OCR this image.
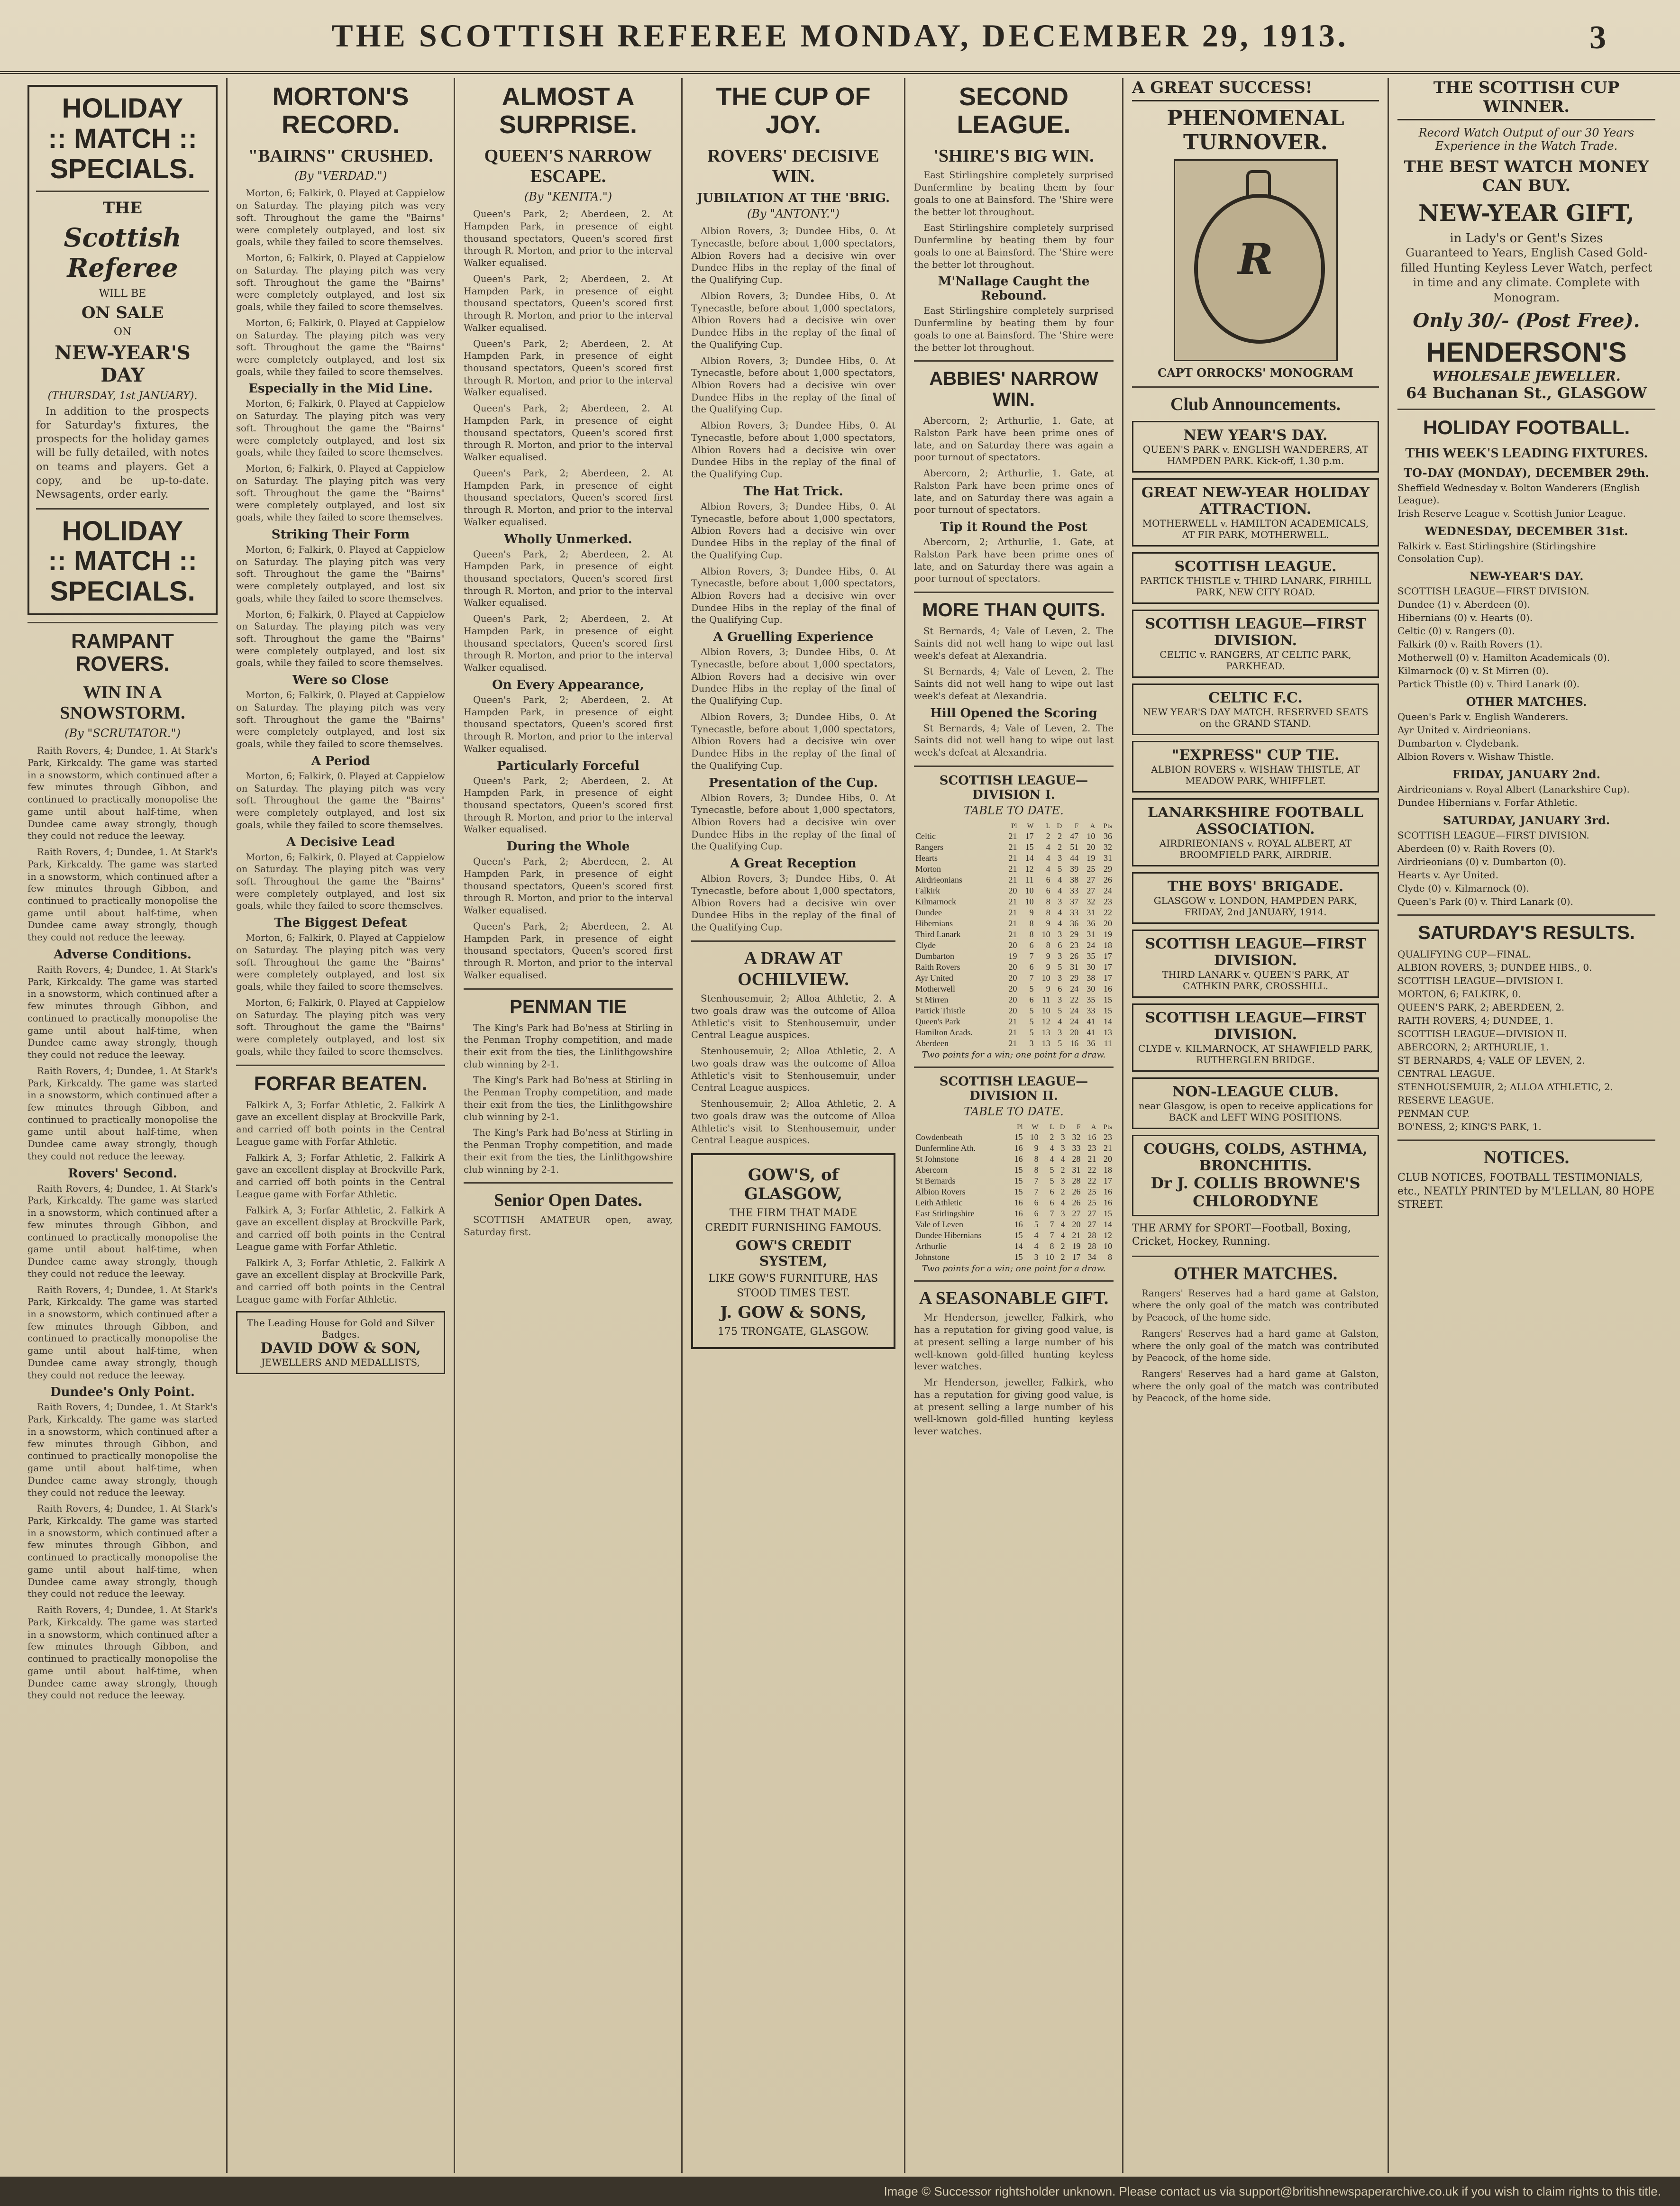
THE SCOTTISH REFEREE MONDAY, DECEMBER 29, 1913.	3
HOLIDAY
:: MATCH ::
SPECIALS.
THE
Scottish Referee
WILL BE
ON SALE
ON
NEW-YEAR'S DAY
(THURSDAY, 1st JANUARY).

In addition to the prospects for Saturday's fixtures, the prospects for the holiday games will be fully detailed, with notes on teams and players. Get a copy, and be up-to-date. Newsagents, order early.

HOLIDAY
:: MATCH ::
SPECIALS.
RAMPANT ROVERS.
WIN IN A SNOWSTORM.
(By "SCRUTATOR.")

Raith Rovers, 4; Dundee, 1. At Stark's Park, Kirkcaldy. The game was started in a snowstorm, which continued after a few minutes through Gibbon, and continued to practically monopolise the game until about half-time, when Dundee came away strongly, though they could not reduce the leeway.

Raith Rovers, 4; Dundee, 1. At Stark's Park, Kirkcaldy. The game was started in a snowstorm, which continued after a few minutes through Gibbon, and continued to practically monopolise the game until about half-time, when Dundee came away strongly, though they could not reduce the leeway.

Adverse Conditions.

Raith Rovers, 4; Dundee, 1. At Stark's Park, Kirkcaldy. The game was started in a snowstorm, which continued after a few minutes through Gibbon, and continued to practically monopolise the game until about half-time, when Dundee came away strongly, though they could not reduce the leeway.

Raith Rovers, 4; Dundee, 1. At Stark's Park, Kirkcaldy. The game was started in a snowstorm, which continued after a few minutes through Gibbon, and continued to practically monopolise the game until about half-time, when Dundee came away strongly, though they could not reduce the leeway.

Rovers' Second.

Raith Rovers, 4; Dundee, 1. At Stark's Park, Kirkcaldy. The game was started in a snowstorm, which continued after a few minutes through Gibbon, and continued to practically monopolise the game until about half-time, when Dundee came away strongly, though they could not reduce the leeway.

Raith Rovers, 4; Dundee, 1. At Stark's Park, Kirkcaldy. The game was started in a snowstorm, which continued after a few minutes through Gibbon, and continued to practically monopolise the game until about half-time, when Dundee came away strongly, though they could not reduce the leeway.

Dundee's Only Point.

Raith Rovers, 4; Dundee, 1. At Stark's Park, Kirkcaldy. The game was started in a snowstorm, which continued after a few minutes through Gibbon, and continued to practically monopolise the game until about half-time, when Dundee came away strongly, though they could not reduce the leeway.

Raith Rovers, 4; Dundee, 1. At Stark's Park, Kirkcaldy. The game was started in a snowstorm, which continued after a few minutes through Gibbon, and continued to practically monopolise the game until about half-time, when Dundee came away strongly, though they could not reduce the leeway.

Raith Rovers, 4; Dundee, 1. At Stark's Park, Kirkcaldy. The game was started in a snowstorm, which continued after a few minutes through Gibbon, and continued to practically monopolise the game until about half-time, when Dundee came away strongly, though they could not reduce the leeway.

MORTON'S RECORD.
"BAIRNS" CRUSHED.
(By "VERDAD.")

Morton, 6; Falkirk, 0. Played at Cappielow on Saturday. The playing pitch was very soft. Throughout the game the "Bairns" were completely outplayed, and lost six goals, while they failed to score themselves.

Morton, 6; Falkirk, 0. Played at Cappielow on Saturday. The playing pitch was very soft. Throughout the game the "Bairns" were completely outplayed, and lost six goals, while they failed to score themselves.

Morton, 6; Falkirk, 0. Played at Cappielow on Saturday. The playing pitch was very soft. Throughout the game the "Bairns" were completely outplayed, and lost six goals, while they failed to score themselves.

Especially in the Mid Line.

Morton, 6; Falkirk, 0. Played at Cappielow on Saturday. The playing pitch was very soft. Throughout the game the "Bairns" were completely outplayed, and lost six goals, while they failed to score themselves.

Morton, 6; Falkirk, 0. Played at Cappielow on Saturday. The playing pitch was very soft. Throughout the game the "Bairns" were completely outplayed, and lost six goals, while they failed to score themselves.

Striking Their Form

Morton, 6; Falkirk, 0. Played at Cappielow on Saturday. The playing pitch was very soft. Throughout the game the "Bairns" were completely outplayed, and lost six goals, while they failed to score themselves.

Morton, 6; Falkirk, 0. Played at Cappielow on Saturday. The playing pitch was very soft. Throughout the game the "Bairns" were completely outplayed, and lost six goals, while they failed to score themselves.

Were so Close

Morton, 6; Falkirk, 0. Played at Cappielow on Saturday. The playing pitch was very soft. Throughout the game the "Bairns" were completely outplayed, and lost six goals, while they failed to score themselves.

A Period

Morton, 6; Falkirk, 0. Played at Cappielow on Saturday. The playing pitch was very soft. Throughout the game the "Bairns" were completely outplayed, and lost six goals, while they failed to score themselves.

A Decisive Lead

Morton, 6; Falkirk, 0. Played at Cappielow on Saturday. The playing pitch was very soft. Throughout the game the "Bairns" were completely outplayed, and lost six goals, while they failed to score themselves.

The Biggest Defeat

Morton, 6; Falkirk, 0. Played at Cappielow on Saturday. The playing pitch was very soft. Throughout the game the "Bairns" were completely outplayed, and lost six goals, while they failed to score themselves.

Morton, 6; Falkirk, 0. Played at Cappielow on Saturday. The playing pitch was very soft. Throughout the game the "Bairns" were completely outplayed, and lost six goals, while they failed to score themselves.

FORFAR BEATEN.

Falkirk A, 3; Forfar Athletic, 2. Falkirk A gave an excellent display at Brockville Park, and carried off both points in the Central League game with Forfar Athletic.

Falkirk A, 3; Forfar Athletic, 2. Falkirk A gave an excellent display at Brockville Park, and carried off both points in the Central League game with Forfar Athletic.

Falkirk A, 3; Forfar Athletic, 2. Falkirk A gave an excellent display at Brockville Park, and carried off both points in the Central League game with Forfar Athletic.

Falkirk A, 3; Forfar Athletic, 2. Falkirk A gave an excellent display at Brockville Park, and carried off both points in the Central League game with Forfar Athletic.

The Leading House for Gold and Silver Badges.
DAVID DOW & SON,
JEWELLERS AND MEDALLISTS,
ALMOST A SURPRISE.
QUEEN'S NARROW ESCAPE.
(By "KENITA.")

Queen's Park, 2; Aberdeen, 2. At Hampden Park, in presence of eight thousand spectators, Queen's scored first through R. Morton, and prior to the interval Walker equalised.

Queen's Park, 2; Aberdeen, 2. At Hampden Park, in presence of eight thousand spectators, Queen's scored first through R. Morton, and prior to the interval Walker equalised.

Queen's Park, 2; Aberdeen, 2. At Hampden Park, in presence of eight thousand spectators, Queen's scored first through R. Morton, and prior to the interval Walker equalised.

Queen's Park, 2; Aberdeen, 2. At Hampden Park, in presence of eight thousand spectators, Queen's scored first through R. Morton, and prior to the interval Walker equalised.

Queen's Park, 2; Aberdeen, 2. At Hampden Park, in presence of eight thousand spectators, Queen's scored first through R. Morton, and prior to the interval Walker equalised.

Wholly Unmerked.

Queen's Park, 2; Aberdeen, 2. At Hampden Park, in presence of eight thousand spectators, Queen's scored first through R. Morton, and prior to the interval Walker equalised.

Queen's Park, 2; Aberdeen, 2. At Hampden Park, in presence of eight thousand spectators, Queen's scored first through R. Morton, and prior to the interval Walker equalised.

On Every Appearance,

Queen's Park, 2; Aberdeen, 2. At Hampden Park, in presence of eight thousand spectators, Queen's scored first through R. Morton, and prior to the interval Walker equalised.

Particularly Forceful

Queen's Park, 2; Aberdeen, 2. At Hampden Park, in presence of eight thousand spectators, Queen's scored first through R. Morton, and prior to the interval Walker equalised.

During the Whole

Queen's Park, 2; Aberdeen, 2. At Hampden Park, in presence of eight thousand spectators, Queen's scored first through R. Morton, and prior to the interval Walker equalised.

Queen's Park, 2; Aberdeen, 2. At Hampden Park, in presence of eight thousand spectators, Queen's scored first through R. Morton, and prior to the interval Walker equalised.

PENMAN TIE

The King's Park had Bo'ness at Stirling in the Penman Trophy competition, and made their exit from the ties, the Linlithgowshire club winning by 2-1.

The King's Park had Bo'ness at Stirling in the Penman Trophy competition, and made their exit from the ties, the Linlithgowshire club winning by 2-1.

The King's Park had Bo'ness at Stirling in the Penman Trophy competition, and made their exit from the ties, the Linlithgowshire club winning by 2-1.

Senior Open Dates.

SCOTTISH AMATEUR open, away, Saturday first.

THE CUP OF JOY.
ROVERS' DECISIVE WIN.
JUBILATION AT THE 'BRIG.
(By "ANTONY.")

Albion Rovers, 3; Dundee Hibs, 0. At Tynecastle, before about 1,000 spectators, Albion Rovers had a decisive win over Dundee Hibs in the replay of the final of the Qualifying Cup.

Albion Rovers, 3; Dundee Hibs, 0. At Tynecastle, before about 1,000 spectators, Albion Rovers had a decisive win over Dundee Hibs in the replay of the final of the Qualifying Cup.

Albion Rovers, 3; Dundee Hibs, 0. At Tynecastle, before about 1,000 spectators, Albion Rovers had a decisive win over Dundee Hibs in the replay of the final of the Qualifying Cup.

Albion Rovers, 3; Dundee Hibs, 0. At Tynecastle, before about 1,000 spectators, Albion Rovers had a decisive win over Dundee Hibs in the replay of the final of the Qualifying Cup.

The Hat Trick.

Albion Rovers, 3; Dundee Hibs, 0. At Tynecastle, before about 1,000 spectators, Albion Rovers had a decisive win over Dundee Hibs in the replay of the final of the Qualifying Cup.

Albion Rovers, 3; Dundee Hibs, 0. At Tynecastle, before about 1,000 spectators, Albion Rovers had a decisive win over Dundee Hibs in the replay of the final of the Qualifying Cup.

A Gruelling Experience

Albion Rovers, 3; Dundee Hibs, 0. At Tynecastle, before about 1,000 spectators, Albion Rovers had a decisive win over Dundee Hibs in the replay of the final of the Qualifying Cup.

Albion Rovers, 3; Dundee Hibs, 0. At Tynecastle, before about 1,000 spectators, Albion Rovers had a decisive win over Dundee Hibs in the replay of the final of the Qualifying Cup.

Presentation of the Cup.

Albion Rovers, 3; Dundee Hibs, 0. At Tynecastle, before about 1,000 spectators, Albion Rovers had a decisive win over Dundee Hibs in the replay of the final of the Qualifying Cup.

A Great Reception

Albion Rovers, 3; Dundee Hibs, 0. At Tynecastle, before about 1,000 spectators, Albion Rovers had a decisive win over Dundee Hibs in the replay of the final of the Qualifying Cup.

A DRAW AT OCHILVIEW.

Stenhousemuir, 2; Alloa Athletic, 2. A two goals draw was the outcome of Alloa Athletic's visit to Stenhousemuir, under Central League auspices.

Stenhousemuir, 2; Alloa Athletic, 2. A two goals draw was the outcome of Alloa Athletic's visit to Stenhousemuir, under Central League auspices.

Stenhousemuir, 2; Alloa Athletic, 2. A two goals draw was the outcome of Alloa Athletic's visit to Stenhousemuir, under Central League auspices.

GOW'S, of GLASGOW,
THE FIRM THAT MADE
CREDIT FURNISHING FAMOUS.
GOW'S CREDIT SYSTEM,
LIKE GOW'S FURNITURE, HAS
STOOD TIMES TEST.
J. GOW & SONS,
175 TRONGATE, GLASGOW.
SECOND LEAGUE.
'SHIRE'S BIG WIN.

East Stirlingshire completely surprised Dunfermline by beating them by four goals to one at Bainsford. The 'Shire were the better lot throughout.

East Stirlingshire completely surprised Dunfermline by beating them by four goals to one at Bainsford. The 'Shire were the better lot throughout.

M'Nallage Caught the Rebound.

East Stirlingshire completely surprised Dunfermline by beating them by four goals to one at Bainsford. The 'Shire were the better lot throughout.

ABBIES' NARROW WIN.

Abercorn, 2; Arthurlie, 1. Gate, at Ralston Park have been prime ones of late, and on Saturday there was again a poor turnout of spectators.

Abercorn, 2; Arthurlie, 1. Gate, at Ralston Park have been prime ones of late, and on Saturday there was again a poor turnout of spectators.

Tip it Round the Post

Abercorn, 2; Arthurlie, 1. Gate, at Ralston Park have been prime ones of late, and on Saturday there was again a poor turnout of spectators.

MORE THAN QUITS.

St Bernards, 4; Vale of Leven, 2. The Saints did not well hang to wipe out last week's defeat at Alexandria.

St Bernards, 4; Vale of Leven, 2. The Saints did not well hang to wipe out last week's defeat at Alexandria.

Hill Opened the Scoring

St Bernards, 4; Vale of Leven, 2. The Saints did not well hang to wipe out last week's defeat at Alexandria.

SCOTTISH LEAGUE—DIVISION I.
TABLE TO DATE.
	Pl	W	L	D	F	A	Pts
Celtic	21	17	2	2	47	10	36
Rangers	21	15	4	2	51	20	32
Hearts	21	14	4	3	44	19	31
Morton	21	12	4	5	39	25	29
Airdrieonians	21	11	6	4	38	27	26
Falkirk	20	10	6	4	33	27	24
Kilmarnock	21	10	8	3	37	32	23
Dundee	21	9	8	4	33	31	22
Hibernians	21	8	9	4	36	36	20
Third Lanark	21	8	10	3	29	31	19
Clyde	20	6	8	6	23	24	18
Dumbarton	19	7	9	3	26	35	17
Raith Rovers	20	6	9	5	31	30	17
Ayr United	20	7	10	3	29	38	17
Motherwell	20	5	9	6	24	30	16
St Mirren	20	6	11	3	22	35	15
Partick Thistle	20	5	10	5	24	33	15
Queen's Park	21	5	12	4	24	41	14
Hamilton Acads.	21	5	13	3	20	41	13
Aberdeen	21	3	13	5	16	36	11
Two points for a win; one point for a draw.
SCOTTISH LEAGUE—DIVISION II.
TABLE TO DATE.
	Pl	W	L	D	F	A	Pts
Cowdenbeath	15	10	2	3	32	16	23
Dunfermline Ath.	16	9	4	3	33	23	21
St Johnstone	16	8	4	4	28	21	20
Abercorn	15	8	5	2	31	22	18
St Bernards	15	7	5	3	28	22	17
Albion Rovers	15	7	6	2	26	25	16
Leith Athletic	16	6	6	4	26	25	16
East Stirlingshire	16	6	7	3	27	27	15
Vale of Leven	16	5	7	4	20	27	14
Dundee Hibernians	15	4	7	4	21	28	12
Arthurlie	14	4	8	2	19	28	10
Johnstone	15	3	10	2	17	34	8
Two points for a win; one point for a draw.
A SEASONABLE GIFT.

Mr Henderson, jeweller, Falkirk, who has a reputation for giving good value, is at present selling a large number of his well-known gold-filled hunting keyless lever watches.

Mr Henderson, jeweller, Falkirk, who has a reputation for giving good value, is at present selling a large number of his well-known gold-filled hunting keyless lever watches.

A GREAT SUCCESS!
PHENOMENAL TURNOVER.
R
CAPT ORROCKS' MONOGRAM
Club Announcements.
NEW YEAR'S DAY.
QUEEN'S PARK v. ENGLISH WANDERERS, AT HAMPDEN PARK. Kick-off, 1.30 p.m.
GREAT NEW-YEAR HOLIDAY ATTRACTION.
MOTHERWELL v. HAMILTON ACADEMICALS, AT FIR PARK, MOTHERWELL.
SCOTTISH LEAGUE.
PARTICK THISTLE v. THIRD LANARK, FIRHILL PARK, NEW CITY ROAD.
SCOTTISH LEAGUE—FIRST DIVISION.
CELTIC v. RANGERS, AT CELTIC PARK, PARKHEAD.
CELTIC F.C.
NEW YEAR'S DAY MATCH. RESERVED SEATS on the GRAND STAND.
"EXPRESS" CUP TIE.
ALBION ROVERS v. WISHAW THISTLE, AT MEADOW PARK, WHIFFLET.
LANARKSHIRE FOOTBALL ASSOCIATION.
AIRDRIEONIANS v. ROYAL ALBERT, AT BROOMFIELD PARK, AIRDRIE.
THE BOYS' BRIGADE.
GLASGOW v. LONDON, HAMPDEN PARK, FRIDAY, 2nd JANUARY, 1914.
SCOTTISH LEAGUE—FIRST DIVISION.
THIRD LANARK v. QUEEN'S PARK, AT CATHKIN PARK, CROSSHILL.
SCOTTISH LEAGUE—FIRST DIVISION.
CLYDE v. KILMARNOCK, AT SHAWFIELD PARK, RUTHERGLEN BRIDGE.
NON-LEAGUE CLUB.
near Glasgow, is open to receive applications for BACK and LEFT WING POSITIONS.
COUGHS, COLDS, ASTHMA, BRONCHITIS.
Dr J. COLLIS BROWNE'S CHLORODYNE

THE ARMY for SPORT—Football, Boxing, Cricket, Hockey, Running.

OTHER MATCHES.

Rangers' Reserves had a hard game at Galston, where the only goal of the match was contributed by Peacock, of the home side.

Rangers' Reserves had a hard game at Galston, where the only goal of the match was contributed by Peacock, of the home side.

Rangers' Reserves had a hard game at Galston, where the only goal of the match was contributed by Peacock, of the home side.

THE SCOTTISH CUP WINNER.
Record Watch Output of our 30 Years Experience in the Watch Trade.
THE BEST WATCH MONEY CAN BUY.
NEW-YEAR GIFT,
in Lady's or Gent's Sizes

Guaranteed to Years, English Cased Gold-filled Hunting Keyless Lever Watch, perfect in time and any climate. Complete with Monogram.

Only 30/- (Post Free).
HENDERSON'S
WHOLESALE JEWELLER.
64 Buchanan St., GLASGOW
HOLIDAY FOOTBALL.
THIS WEEK'S LEADING FIXTURES.
TO-DAY (MONDAY), DECEMBER 29th.
Sheffield Wednesday v. Bolton Wanderers (English League).
Irish Reserve League v. Scottish Junior League.
WEDNESDAY, DECEMBER 31st.
Falkirk v. East Stirlingshire (Stirlingshire Consolation Cup).
NEW-YEAR'S DAY.
SCOTTISH LEAGUE—FIRST DIVISION.
Dundee (1) v. Aberdeen (0).
Hibernians (0) v. Hearts (0).
Celtic (0) v. Rangers (0).
Falkirk (0) v. Raith Rovers (1).
Motherwell (0) v. Hamilton Academicals (0).
Kilmarnock (0) v. St Mirren (0).
Partick Thistle (0) v. Third Lanark (0).
OTHER MATCHES.
Queen's Park v. English Wanderers.
Ayr United v. Airdrieonians.
Dumbarton v. Clydebank.
Albion Rovers v. Wishaw Thistle.
FRIDAY, JANUARY 2nd.
Airdrieonians v. Royal Albert (Lanarkshire Cup).
Dundee Hibernians v. Forfar Athletic.
SATURDAY, JANUARY 3rd.
SCOTTISH LEAGUE—FIRST DIVISION.
Aberdeen (0) v. Raith Rovers (0).
Airdrieonians (0) v. Dumbarton (0).
Hearts v. Ayr United.
Clyde (0) v. Kilmarnock (0).
Queen's Park (0) v. Third Lanark (0).
SATURDAY'S RESULTS.
QUALIFYING CUP—FINAL.
ALBION ROVERS, 3; DUNDEE HIBS., 0.
SCOTTISH LEAGUE—DIVISION I.
MORTON, 6; FALKIRK, 0.
QUEEN'S PARK, 2; ABERDEEN, 2.
RAITH ROVERS, 4; DUNDEE, 1.
SCOTTISH LEAGUE—DIVISION II.
ABERCORN, 2; ARTHURLIE, 1.
ST BERNARDS, 4; VALE OF LEVEN, 2.
CENTRAL LEAGUE.
STENHOUSEMUIR, 2; ALLOA ATHLETIC, 2.
RESERVE LEAGUE.
PENMAN CUP.
BO'NESS, 2; KING'S PARK, 1.
NOTICES.

CLUB NOTICES, FOOTBALL TESTIMONIALS, etc., NEATLY PRINTED by M'LELLAN, 80 HOPE STREET.

Image © Successor rightsholder unknown. Please contact us via support@britishnewspaperarchive.co.uk if you wish to claim rights to this title.
